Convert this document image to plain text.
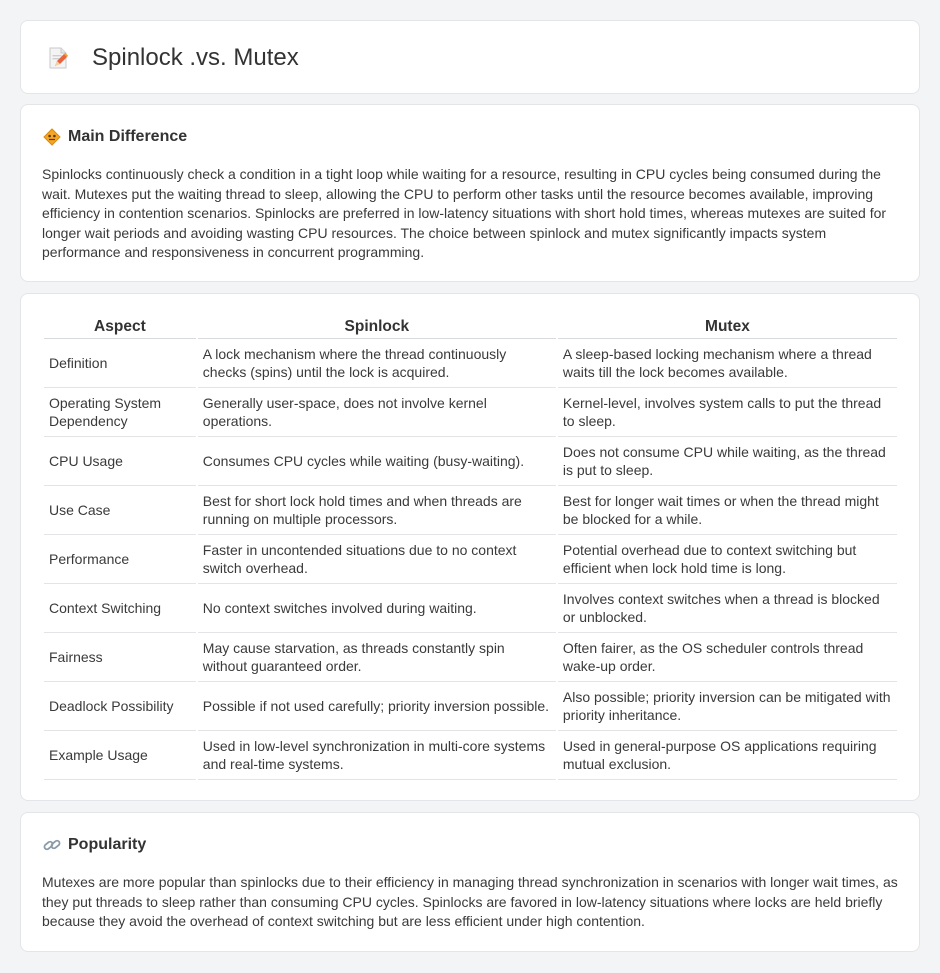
Spinlock .vs. Mutex
Main Difference

Spinlocks continuously check a condition in a tight loop while waiting for a resource, resulting in CPU cycles being consumed during the wait. Mutexes put the waiting thread to sleep, allowing the CPU to perform other tasks until the resource becomes available, improving efficiency in contention scenarios. Spinlocks are preferred in low-latency situations with short hold times, whereas mutexes are suited for longer wait periods and avoiding wasting CPU resources. The choice between spinlock and mutex significantly impacts system performance and responsiveness in concurrent programming.

Aspect	Spinlock	Mutex
Definition	A lock mechanism where the thread continuously checks (spins) until the lock is acquired.	A sleep-based locking mechanism where a thread waits till the lock becomes available.
Operating System Dependency	Generally user-space, does not involve kernel operations.	Kernel-level, involves system calls to put the thread to sleep.
CPU Usage	Consumes CPU cycles while waiting (busy-waiting).	Does not consume CPU while waiting, as the thread is put to sleep.
Use Case	Best for short lock hold times and when threads are running on multiple processors.	Best for longer wait times or when the thread might be blocked for a while.
Performance	Faster in uncontended situations due to no context switch overhead.	Potential overhead due to context switching but efficient when lock hold time is long.
Context Switching	No context switches involved during waiting.	Involves context switches when a thread is blocked or unblocked.
Fairness	May cause starvation, as threads constantly spin without guaranteed order.	Often fairer, as the OS scheduler controls thread wake-up order.
Deadlock Possibility	Possible if not used carefully; priority inversion possible.	Also possible; priority inversion can be mitigated with priority inheritance.
Example Usage	Used in low-level synchronization in multi-core systems and real-time systems.	Used in general-purpose OS applications requiring mutual exclusion.
Popularity

Mutexes are more popular than spinlocks due to their efficiency in managing thread synchronization in scenarios with longer wait times, as they put threads to sleep rather than consuming CPU cycles. Spinlocks are favored in low-latency situations where locks are held briefly because they avoid the overhead of context switching but are less efficient under high contention.
